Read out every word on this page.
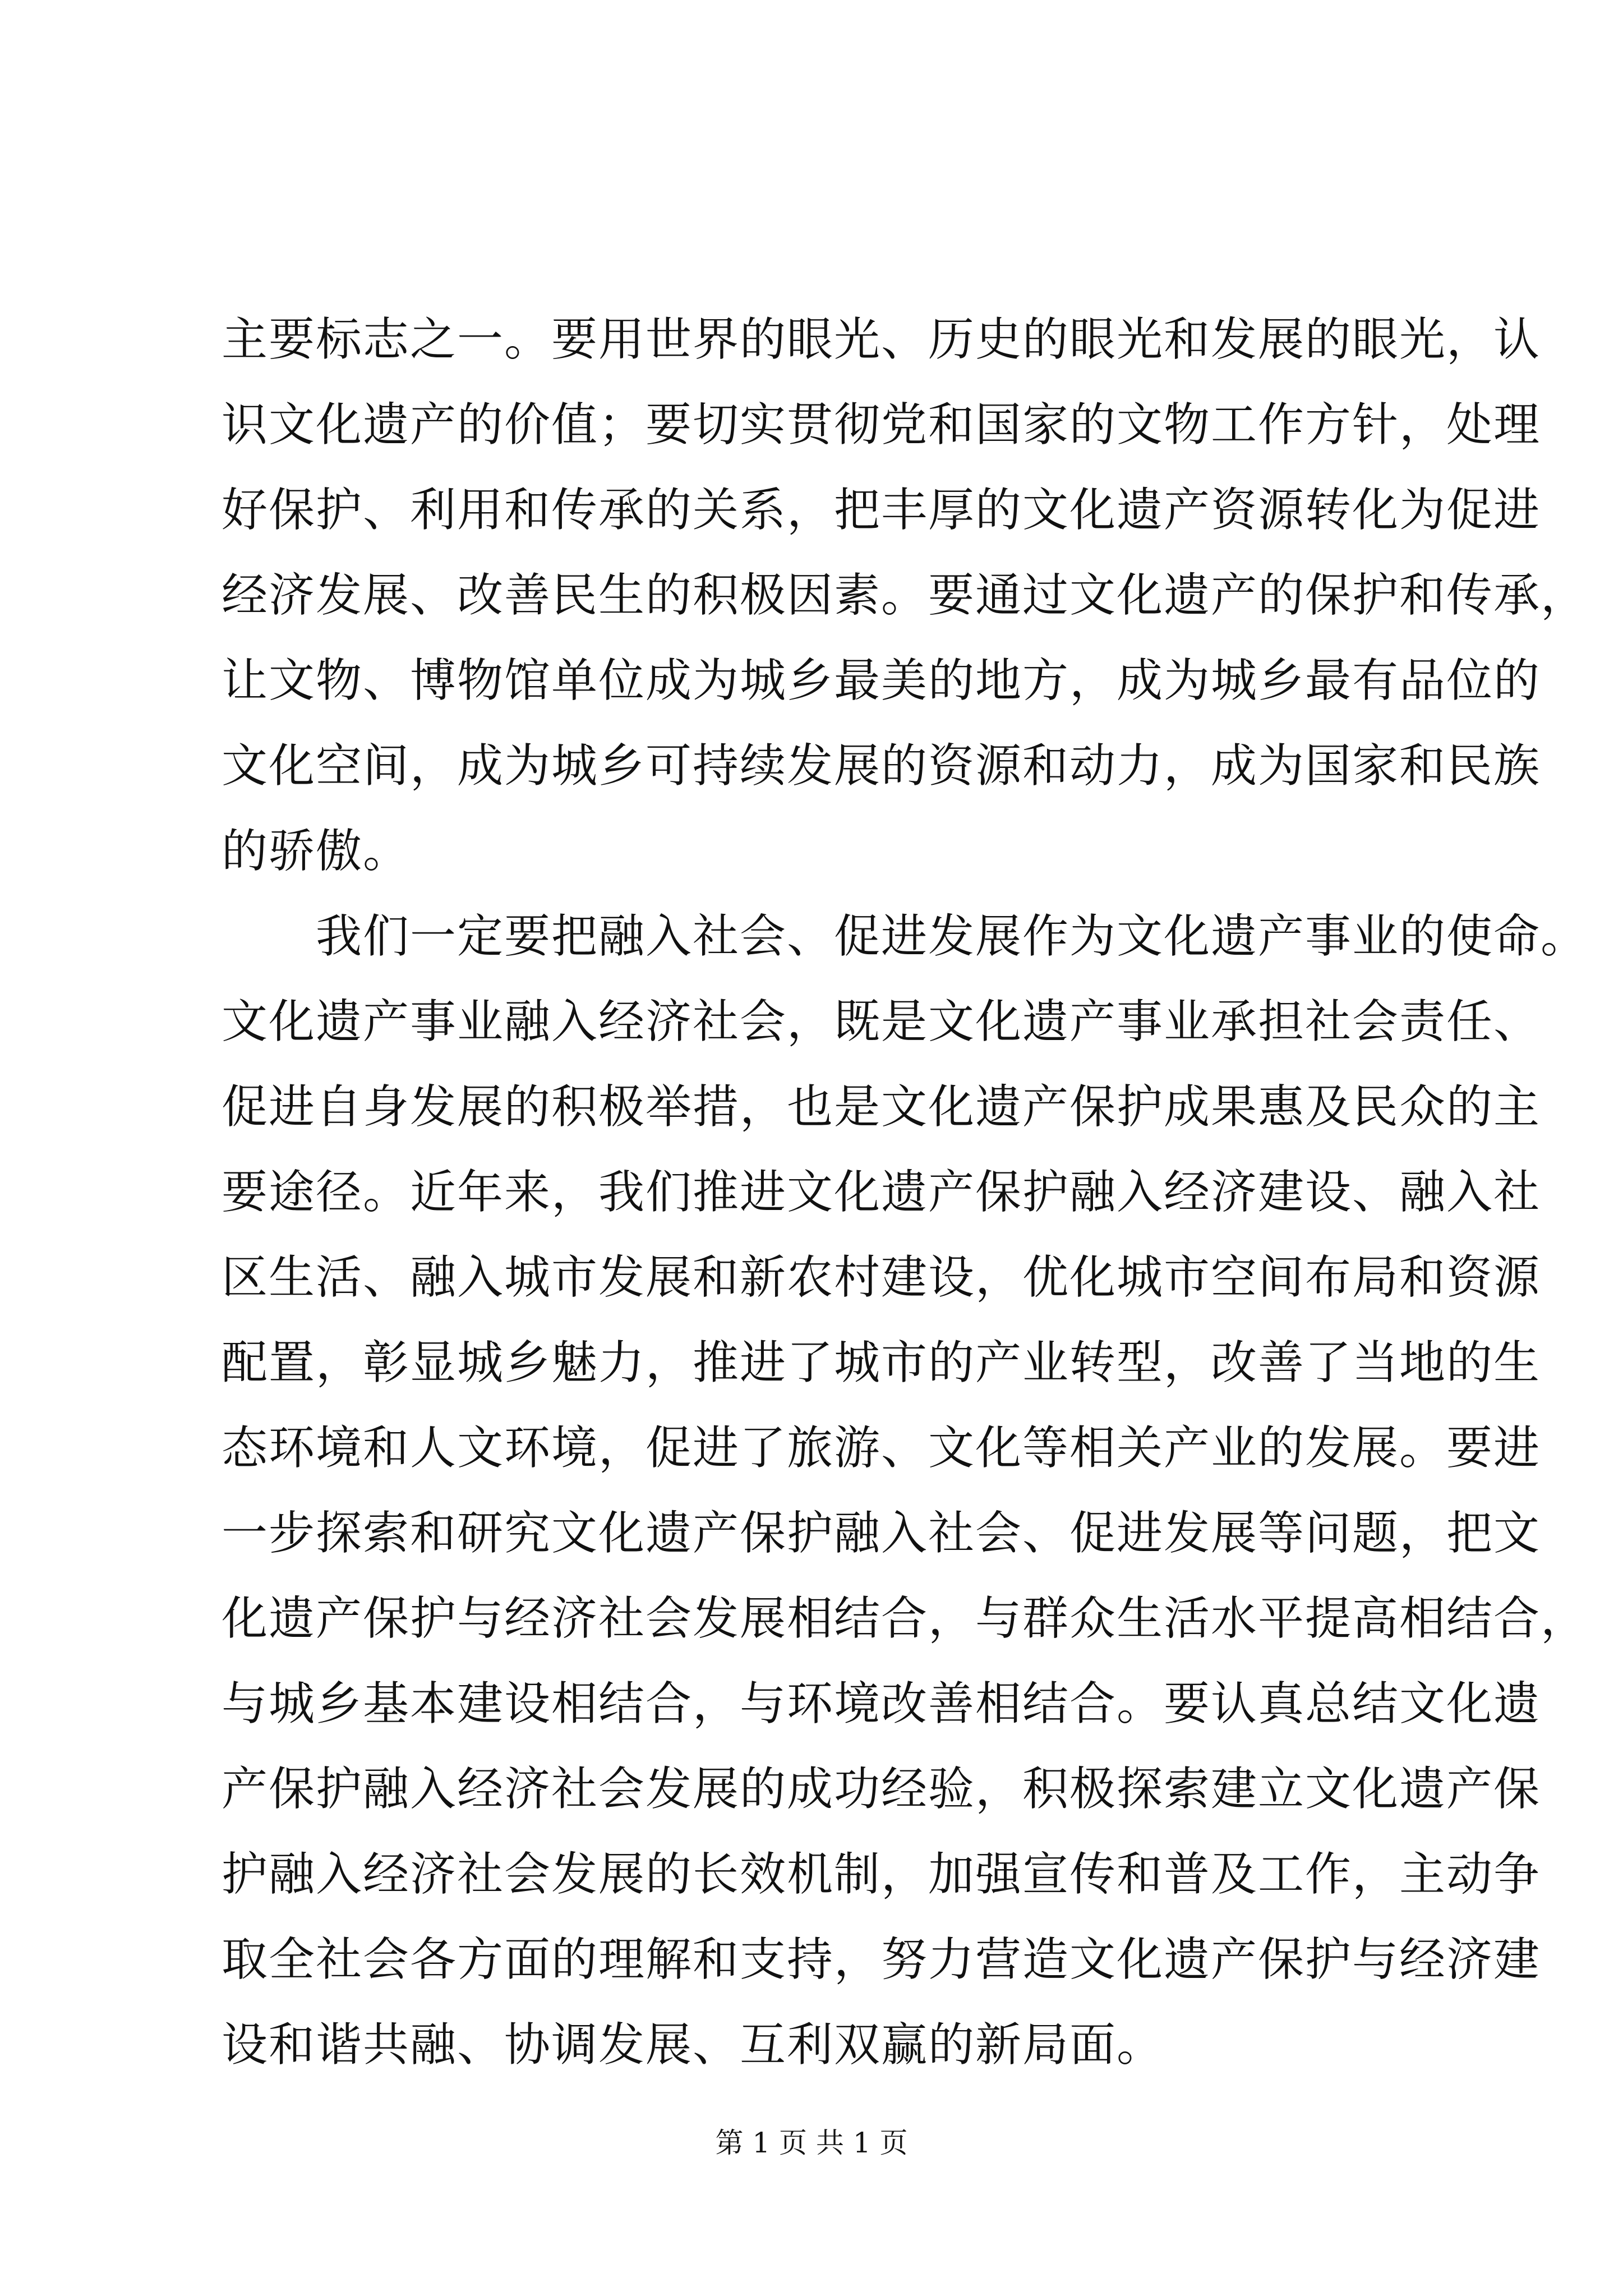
主要标志之一。要用世界的眼光、历史的眼光和发展的眼光，认
识文化遗产的价值；要切实贯彻党和国家的文物工作方针，处理
好保护、利用和传承的关系，把丰厚的文化遗产资源转化为促进
经济发展、改善民生的积极因素。要通过文化遗产的保护和传承，
让文物、博物馆单位成为城乡最美的地方，成为城乡最有品位的
文化空间，成为城乡可持续发展的资源和动力，成为国家和民族
的骄傲。
　　我们一定要把融入社会、促进发展作为文化遗产事业的使命。
文化遗产事业融入经济社会，既是文化遗产事业承担社会责任、
促进自身发展的积极举措，也是文化遗产保护成果惠及民众的主
要途径。近年来，我们推进文化遗产保护融入经济建设、融入社
区生活、融入城市发展和新农村建设，优化城市空间布局和资源
配置，彰显城乡魅力，推进了城市的产业转型，改善了当地的生
态环境和人文环境，促进了旅游、文化等相关产业的发展。要进
一步探索和研究文化遗产保护融入社会、促进发展等问题，把文
化遗产保护与经济社会发展相结合，与群众生活水平提高相结合，
与城乡基本建设相结合，与环境改善相结合。要认真总结文化遗
产保护融入经济社会发展的成功经验，积极探索建立文化遗产保
护融入经济社会发展的长效机制，加强宣传和普及工作，主动争
取全社会各方面的理解和支持，努力营造文化遗产保护与经济建
设和谐共融、协调发展、互利双赢的新局面。
第 1 页 共 1 页
